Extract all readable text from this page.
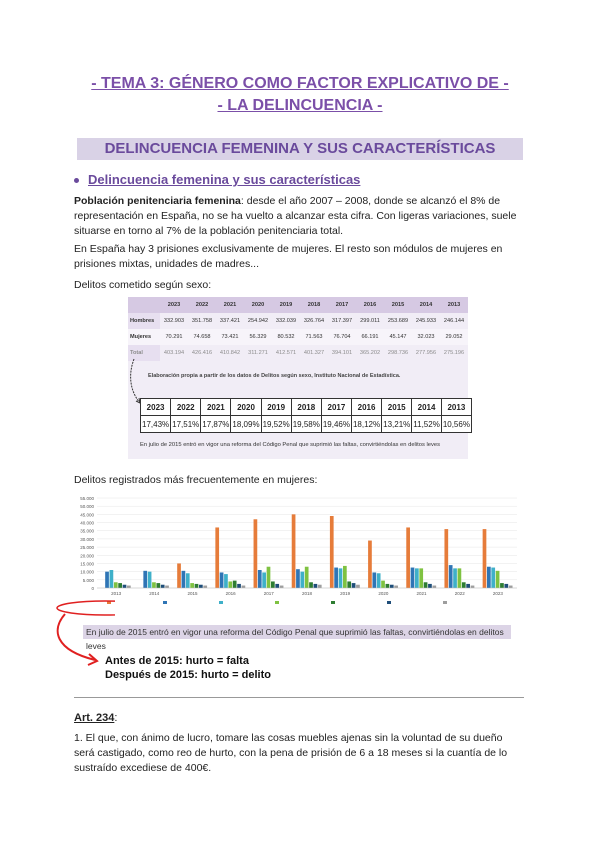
- TEMA 3: GÉNERO COMO FACTOR EXPLICATIVO DE -
- LA DELINCUENCIA -
DELINCUENCIA FEMENINA Y SUS CARACTERÍSTICAS
Delincuencia femenina y sus características
Población penitenciaria femenina: desde el año 2007 – 2008, donde se alcanzó el 8% de representación en España, no se ha vuelto a alcanzar esta cifra. Con ligeras variaciones, suele situarse en torno al 7% de la población penitenciaria total.
En España hay 3 prisiones exclusivamente de mujeres. El resto son módulos de mujeres en prisiones mixtas, unidades de madres...
Delitos cometido según sexo:
	2023	2022	2021	2020	2019	2018	2017	2016	2015	2014	2013
Hombres	332.903	351.758	337.421	254.942	332.039	326.764	317.397	299.011	253.689	245.933	246.144
Mujeres	70.291	74.658	73.421	56.329	80.532	71.563	76.704	66.191	45.147	32.023	29.052
Total	403.194	426.416	410.842	311.271	412.571	401.327	394.101	365.202	298.736	277.956	275.196
Elaboración propia a partir de los datos de Delitos según sexo, Instituto Nacional de Estadística.
2023	2022	2021	2020	2019	2018	2017	2016	2015	2014	2013
17,43%	17,51%	17,87%	18,09%	19,52%	19,58%	19,46%	18,12%	13,21%	11,52%	10,56%
En julio de 2015 entró en vigor una reforma del Código Penal que suprimió las faltas, convirtiéndolas en delitos leves
Delitos registrados más frecuentemente en mujeres:
0
5.000
10.000
15.000
20.000
25.000
30.000
35.000
40.000
45.000
50.000
55.000
2013	2014	2015	2016	2017	2018	2019	2020	2021	2022	2023
En julio de 2015 entró en vigor una reforma del Código Penal que suprimió las faltas, convirtiéndolas en delitos leves
Antes de 2015: hurto = falta
Después de 2015: hurto = delito
Art. 234:
1. El que, con ánimo de lucro, tomare las cosas muebles ajenas sin la voluntad de su dueño será castigado, como reo de hurto, con la pena de prisión de 6 a 18 meses si la cuantía de lo sustraído excediese de 400€.
